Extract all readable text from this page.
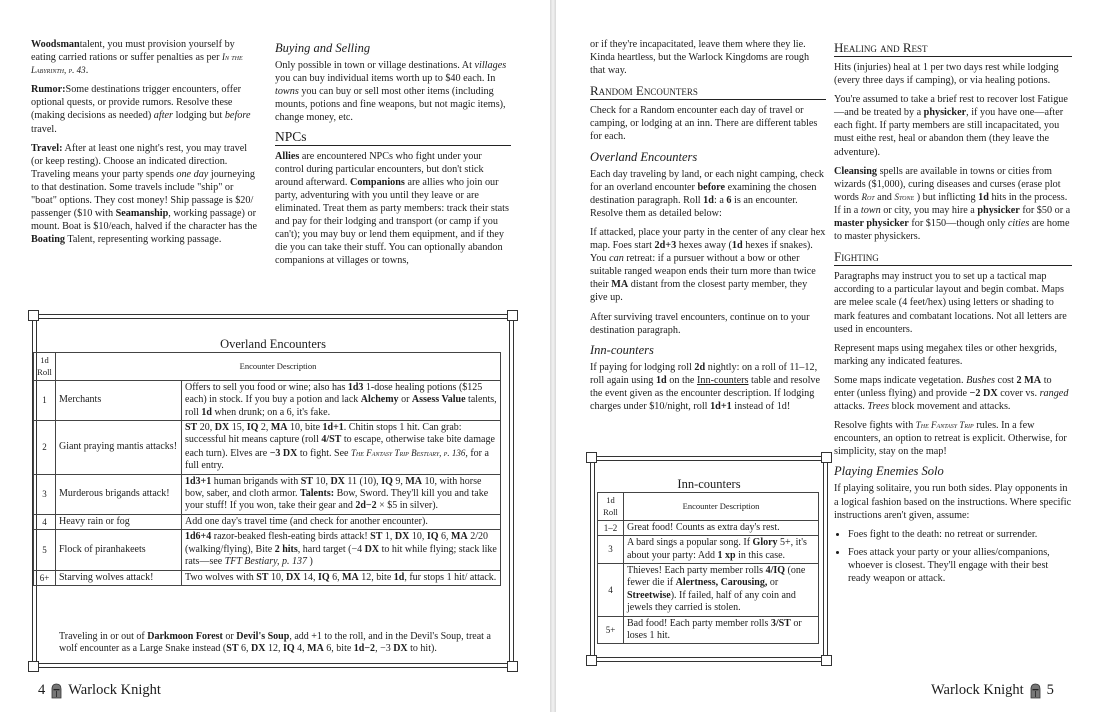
Woodsmantalent, you must provision yourself by eating carried rations or suffer penalties as per In the Labyrinth, p. 43.

Rumor:Some destinations trigger encounters, offer optional quests, or provide rumors. Resolve these (making decisions as needed) after lodging but before travel.

Travel: After at least one night's rest, you may travel (or keep resting). Choose an indicated direction. Traveling means your party spends one day journeying to that destination. Some travels include "ship" or "boat" options. They cost money! Ship passage is $20/ passenger ($10 with Seamanship, working passage) or mount. Boat is $10/each, halved if the character has the Boating Talent, representing working passage.

Buying and Selling

Only possible in town or village destinations. At villages you can buy individual items worth up to $40 each. In towns you can buy or sell most other items (including mounts, potions and fine weapons, but not magic items), change money, etc.

NPCs

Allies are encountered NPCs who fight under your control during particular encounters, but don't stick around afterward. Companions are allies who join our party, adventuring with you until they leave or are eliminated. Treat them as party members: track their stats and pay for their lodging and transport (or camp if you can't); you may buy or lend them equipment, and if they die you can take their stuff. You can optionally abandon companions at villages or towns,

Overland Encounters
1d
Roll	Encounter Description	
1	Merchants	Offers to sell you food or wine; also has 1d3 1-dose healing potions ($125 each) in stock. If you buy a potion and lack Alchemy or Assess Value talents, roll 1d when drunk; on a 6, it's fake.
2	Giant praying mantis attacks!	ST 20, DX 15, IQ 2, MA 10, bite 1d+1. Chitin stops 1 hit. Can grab: successful hit means capture (roll 4/ST to escape, otherwise take bite damage each turn). Elves are −3 DX to fight. See The Fantasy Trip Bestiary, p. 136, for a full entry.
3	Murderous brigands attack!	1d3+1 human brigands with ST 10, DX 11 (10), IQ 9, MA 10, with horse bow, saber, and cloth armor. Talents: Bow, Sword. They'll kill you and take your stuff! If you won, take their gear and 2d−2 × $5 in silver).
4	Heavy rain or fog	Add one day's travel time (and check for another encounter).
5	Flock of piranhakeets	1d6+4 razor-beaked flesh-eating birds attack! ST 1, DX 10, IQ 6, MA 2/20 (walking/flying), Bite 2 hits, hard target (−4 DX to hit while flying; stack like rats—see TFT Bestiary, p. 137 )
6+	Starving wolves attack!	Two wolves with ST 10, DX 14, IQ 6, MA 12, bite 1d, fur stops 1 hit/ attack.
Traveling in or out of Darkmoon Forest or Devil's Soup, add +1 to the roll, and in the Devil's Soup, treat a wolf encounter as a Large Snake instead (ST 6, DX 12, IQ 4, MA 6, bite 1d−2, −3 DX to hit).
4 Warlock Knight

or if they're incapacitated, leave them where they lie. Kinda heartless, but the Warlock Kingdoms are rough that way.

Random Encounters

Check for a Random encounter each day of travel or camping, or lodging at an inn. There are different tables for each.

Overland Encounters

Each day traveling by land, or each night camping, check for an overland encounter before examining the chosen destination paragraph. Roll 1d: a 6 is an encounter. Resolve them as detailed below:

If attacked, place your party in the center of any clear hex map. Foes start 2d+3 hexes away (1d hexes if snakes). You can retreat: if a pursuer without a bow or other suitable ranged weapon ends their turn more than twice their MA distant from the closest party member, they give up.

After surviving travel encounters, continue on to your destination paragraph.

Inn-counters

If paying for lodging roll 2d nightly: on a roll of 11–12, roll again using 1d on the Inn-counters table and resolve the event given as the encounter description. If lodging charges under $10/night, roll 1d+1 instead of 1d!

Inn-counters
1d
Roll	Encounter Description
1–2	Great food! Counts as extra day's rest.
3	A bard sings a popular song. If Glory 5+, it's about your party: Add 1 xp in this case.
4	Thieves! Each party member rolls 4/IQ (one fewer die if Alertness, Carousing, or Streetwise). If failed, half of any coin and jewels they carried is stolen.
5+	Bad food! Each party member rolls 3/ST or loses 1 hit.
Healing and Rest

Hits (injuries) heal at 1 per two days rest while lodging (every three days if camping), or via healing potions.

You're assumed to take a brief rest to recover lost Fatigue—and be treated by a physicker, if you have one—after each fight. If party members are still incapacitated, you must eithe rest, heal or abandon them (they leave the adventure).

Cleansing spells are available in towns or cities from wizards ($1,000), curing diseases and curses (erase plot words Rot and Stone ) but inflicting 1d hits in the process. If in a town or city, you may hire a physicker for $50 or a master physicker for $150—though only cities are home to master physickers.

Fighting

Paragraphs may instruct you to set up a tactical map according to a particular layout and begin combat. Maps are melee scale (4 feet/hex) using letters or shading to mark features and combatant locations. Not all letters are used in encounters.

Represent maps using megahex tiles or other hexgrids, marking any indicated features.

Some maps indicate vegetation. Bushes cost 2 MA to enter (unless flying) and provide −2 DX cover vs. ranged attacks. Trees block movement and attacks.

Resolve fights with The Fantasy Trip rules. In a few encounters, an option to retreat is explicit. Otherwise, for simplicity, stay on the map!

Playing Enemies Solo

If playing solitaire, you run both sides. Play opponents in a logical fashion based on the instructions. Where specific instructions aren't given, assume:

• Foes fight to the death: no retreat or surrender.
• Foes attack your party or your allies/companions, whoever is closest. They'll engage with their best ready weapon or attack.
Warlock Knight 5
